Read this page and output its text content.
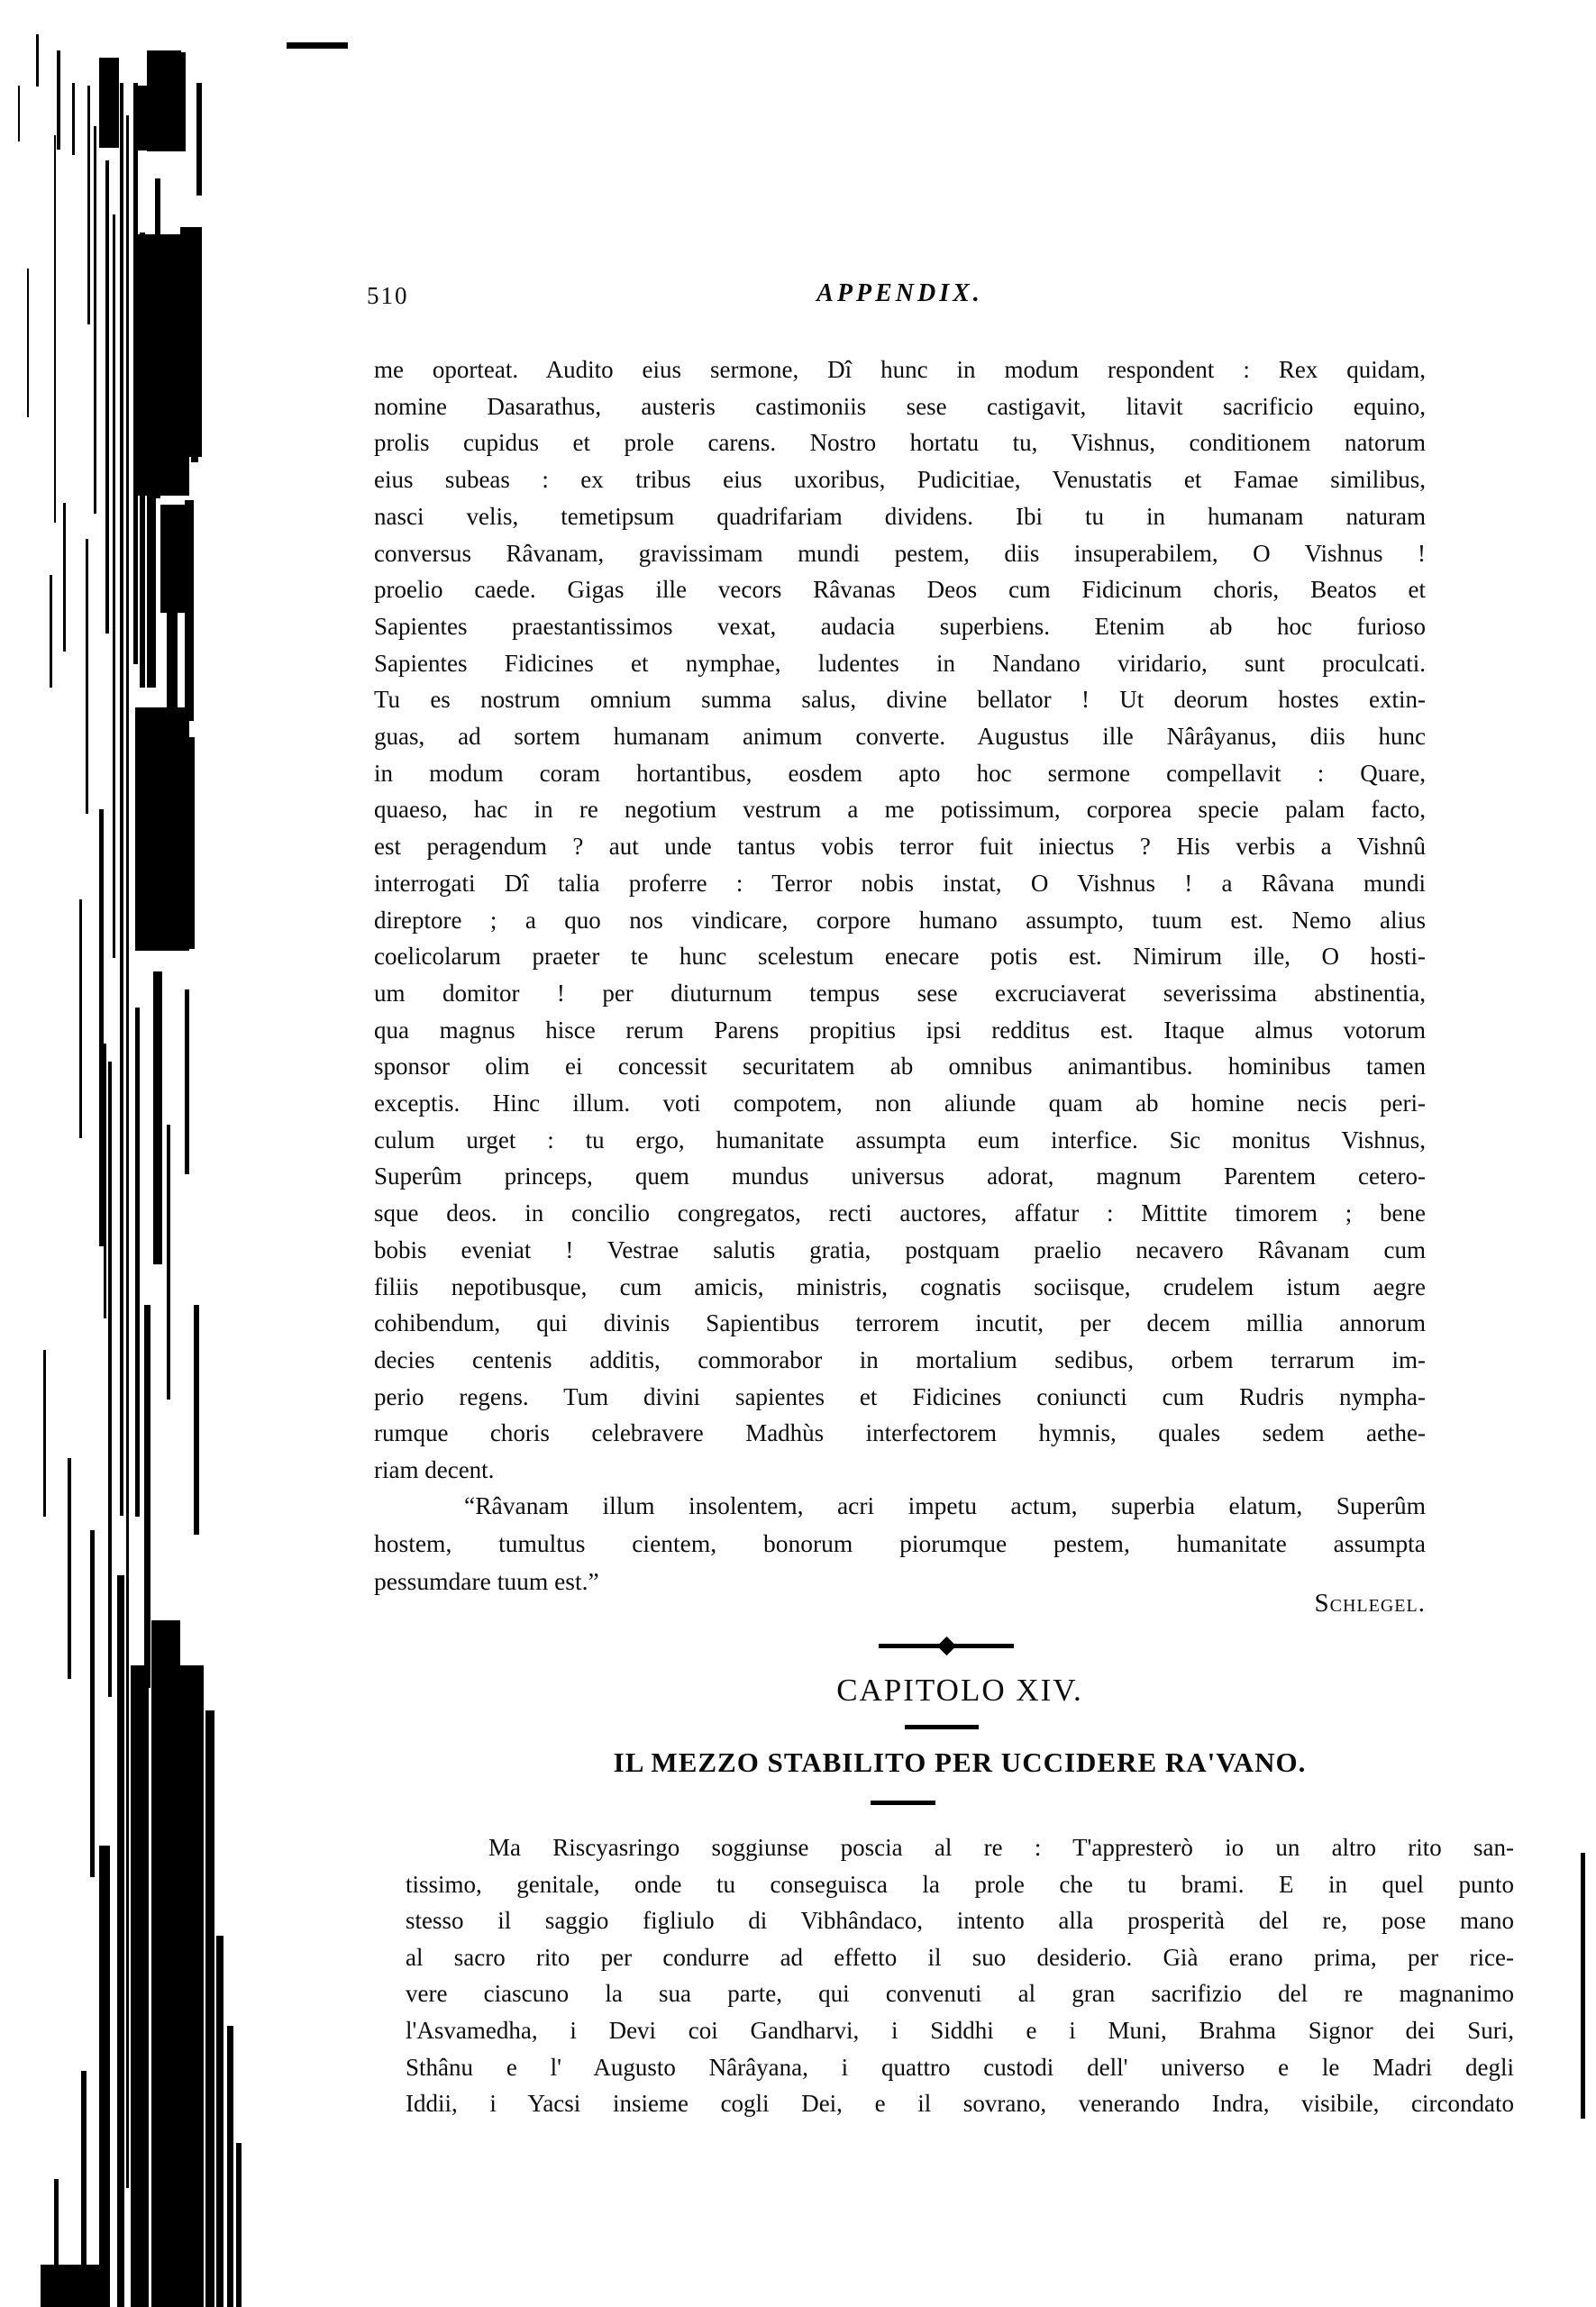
510	APPENDIX.
me oporteat. Audito eius sermone, Dî hunc in modum respondent : Rex quidam,
nomine Dasarathus, austeris castimoniis sese castigavit, litavit sacrificio equino,
prolis cupidus et prole carens. Nostro hortatu tu, Vishnus, conditionem natorum
eius subeas : ex tribus eius uxoribus, Pudicitiae, Venustatis et Famae similibus,
nasci velis, temetipsum quadrifariam dividens. Ibi tu in humanam naturam
conversus Râvanam, gravissimam mundi pestem, diis insuperabilem, O Vishnus !
proelio caede. Gigas ille vecors Râvanas Deos cum Fidicinum choris, Beatos et
Sapientes praestantissimos vexat, audacia superbiens. Etenim ab hoc furioso
Sapientes Fidicines et nymphae, ludentes in Nandano viridario, sunt proculcati.
Tu es nostrum omnium summa salus, divine bellator ! Ut deorum hostes extin-
guas, ad sortem humanam animum converte. Augustus ille Nârâyanus, diis hunc
in modum coram hortantibus, eosdem apto hoc sermone compellavit : Quare,
quaeso, hac in re negotium vestrum a me potissimum, corporea specie palam facto,
est peragendum ? aut unde tantus vobis terror fuit iniectus ? His verbis a Vishnû
interrogati Dî talia proferre : Terror nobis instat, O Vishnus ! a Râvana mundi
direptore ; a quo nos vindicare, corpore humano assumpto, tuum est. Nemo alius
coelicolarum praeter te hunc scelestum enecare potis est. Nimirum ille, O hosti-
um domitor ! per diuturnum tempus sese excruciaverat severissima abstinentia,
qua magnus hisce rerum Parens propitius ipsi redditus est. Itaque almus votorum
sponsor olim ei concessit securitatem ab omnibus animantibus. hominibus tamen
exceptis. Hinc illum. voti compotem, non aliunde quam ab homine necis peri-
culum urget : tu ergo, humanitate assumpta eum interfice. Sic monitus Vishnus,
Superûm princeps, quem mundus universus adorat, magnum Parentem cetero-
sque deos. in concilio congregatos, recti auctores, affatur : Mittite timorem ; bene
bobis eveniat ! Vestrae salutis gratia, postquam praelio necavero Râvanam cum
filiis nepotibusque, cum amicis, ministris, cognatis sociisque, crudelem istum aegre
cohibendum, qui divinis Sapientibus terrorem incutit, per decem millia annorum
decies centenis additis, commorabor in mortalium sedibus, orbem terrarum im-
perio regens. Tum divini sapientes et Fidicines coniuncti cum Rudris nympha-
rumque choris celebravere Madhùs interfectorem hymnis, quales sedem aethe-
riam decent.
“Râvanam illum insolentem, acri impetu actum, superbia elatum, Superûm
hostem, tumultus cientem, bonorum piorumque pestem, humanitate assumpta
pessumdare tuum est.”
Schlegel.
CAPITOLO XIV.
IL MEZZO STABILITO PER UCCIDERE RA'VANO.
Ma Riscyasringo soggiunse poscia al re : T'appresterò io un altro rito san-
tissimo, genitale, onde tu conseguisca la prole che tu brami. E in quel punto
stesso il saggio figliulo di Vibhândaco, intento alla prosperità del re, pose mano
al sacro rito per condurre ad effetto il suo desiderio. Già erano prima, per rice-
vere ciascuno la sua parte, qui convenuti al gran sacrifizio del re magnanimo
l'Asvamedha, i Devi coi Gandharvi, i Siddhi e i Muni, Brahma Signor dei Suri,
Sthânu e l' Augusto Nârâyana, i quattro custodi dell' universo e le Madri degli
Iddii, i Yacsi insieme cogli Dei, e il sovrano, venerando Indra, visibile, circondato
